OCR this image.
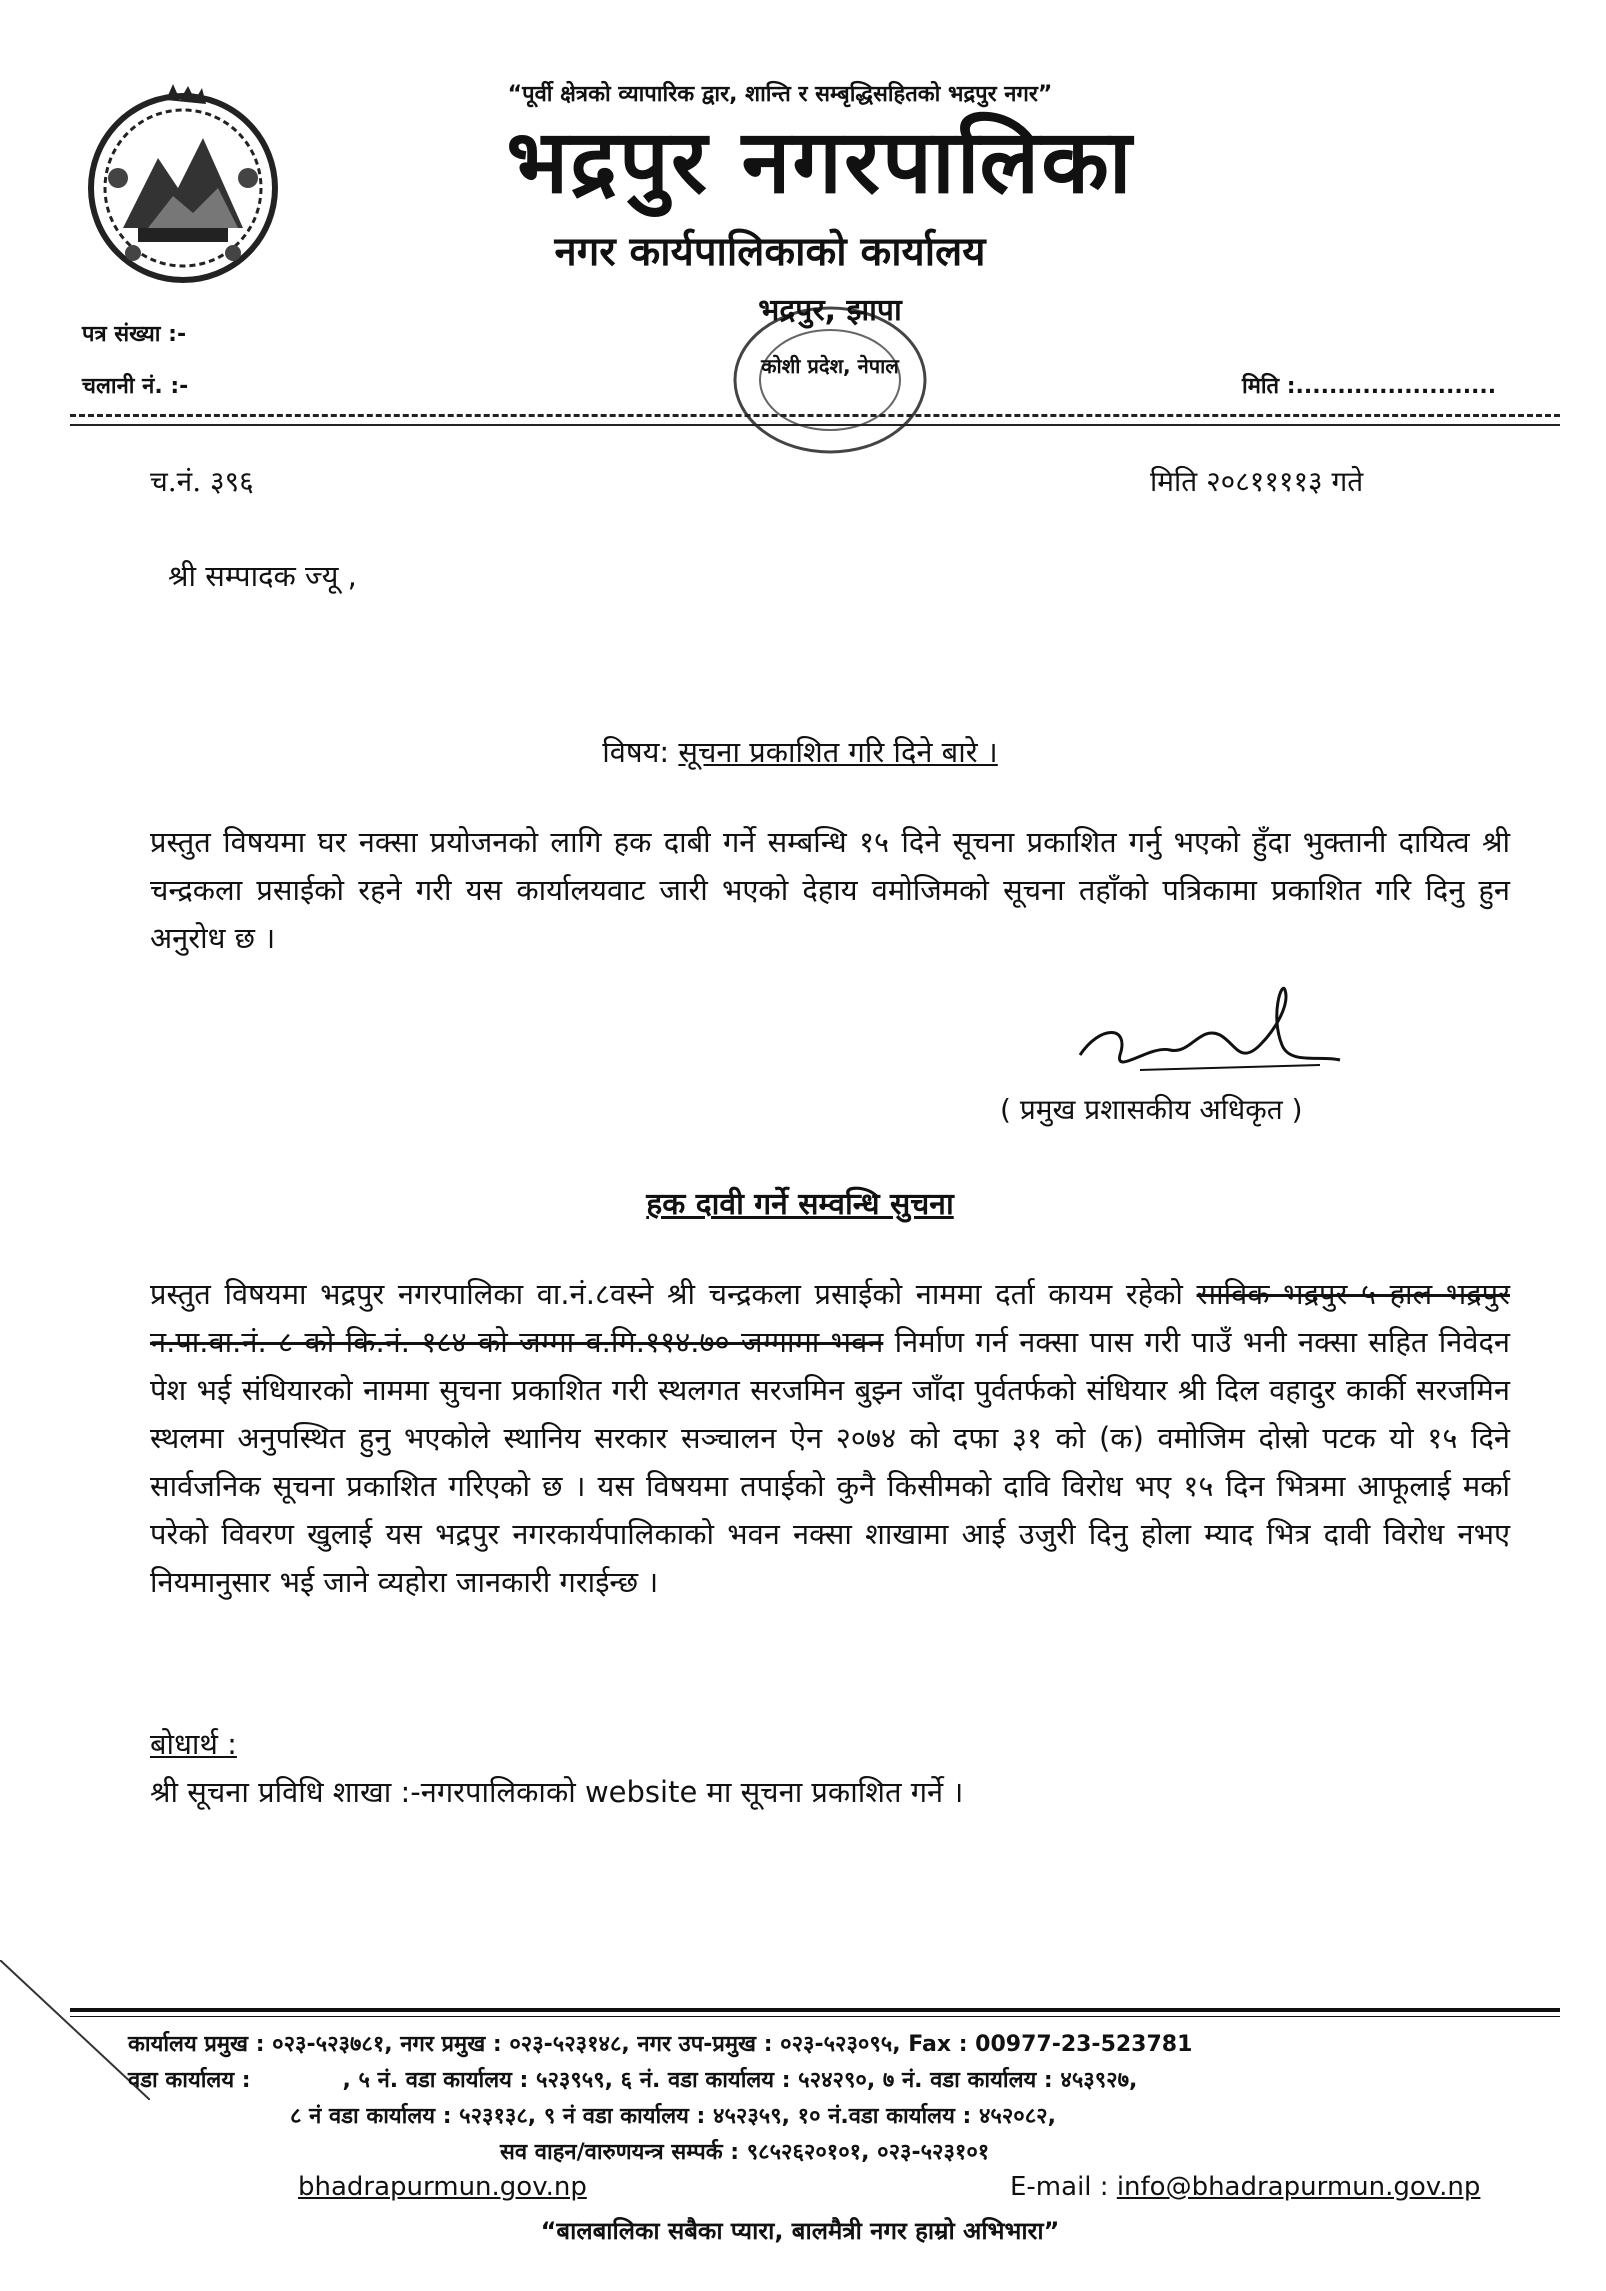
“पूर्वी क्षेत्रको व्यापारिक द्वार, शान्ति र सम्बृद्धिसहितको भद्रपुर नगर”
भद्रपुर नगरपालिका
नगर कार्यपालिकाको कार्यालय
भद्रपुर, झापा
कोशी प्रदेश, नेपाल
पत्र संख्या :-
चलानी नं. :-	मिति :........................
च.नं. ३९६	मिति २०८११११३ गते
श्री सम्पादक ज्यू ,
विषय: सूचना प्रकाशित गरि दिने बारे ।
प्रस्तुत विषयमा घर नक्सा प्रयोजनको लागि हक दाबी गर्ने सम्बन्धि १५ दिने सूचना प्रकाशित गर्नु भएको हुँदा भुक्तानी दायित्व श्री चन्द्रकला प्रसाईको रहने गरी यस कार्यालयवाट जारी भएको देहाय वमोजिमको सूचना तहाँको पत्रिकामा प्रकाशित गरि दिनु हुन अनुरोध छ ।
( प्रमुख प्रशासकीय अधिकृत )
हक दावी गर्ने सम्वन्धि सुचना
प्रस्तुत विषयमा भद्रपुर नगरपालिका वा.नं.८वस्ने श्री चन्द्रकला प्रसाईको नाममा दर्ता कायम रहेको साविक भद्रपुर ५ हाल भद्रपुर न.पा.वा.नं. ८ को कि.नं. १८४ को जम्मा व.मि.११४.७० जग्गामा भवन निर्माण गर्न नक्सा पास गरी पाउँ भनी नक्सा सहित निवेदन पेश भई संधियारको नाममा सुचना प्रकाशित गरी स्थलगत सरजमिन बुझ्न जाँदा पुर्वतर्फको संधियार श्री दिल वहादुर कार्की सरजमिन स्थलमा अनुपस्थित हुनु भएकोले स्थानिय सरकार सञ्चालन ऐन २०७४ को दफा ३१ को (क) वमोजिम दोस्रो पटक यो १५ दिने सार्वजनिक सूचना प्रकाशित गरिएको छ । यस विषयमा तपाईको कुनै किसीमको दावि विरोध भए १५ दिन भित्रमा आफूलाई मर्का परेको विवरण खुलाई यस भद्रपुर नगरकार्यपालिकाको भवन नक्सा शाखामा आई उजुरी दिनु होला म्याद भित्र दावी विरोध नभए नियमानुसार भई जाने व्यहोरा जानकारी गराईन्छ ।
बोधार्थ :
श्री सूचना प्रविधि शाखा :-नगरपालिकाको website मा सूचना प्रकाशित गर्ने ।
कार्यालय प्रमुख : ०२३-५२३७८१, नगर प्रमुख : ०२३-५२३१४८, नगर उप-प्रमुख : ०२३-५२३०९५, Fax : 00977-23-523781
वडा कार्यालय :            , ५ नं. वडा कार्यालय : ५२३९५९, ६ नं. वडा कार्यालय : ५२४२९०, ७ नं. वडा कार्यालय : ४५३९२७,
८ नं वडा कार्यालय : ५२३१३८, ९ नं वडा कार्यालय : ४५२३५९, १० नं.वडा कार्यालय : ४५२०८२,
सव वाहन/वारुणयन्त्र सम्पर्क : ९८५२६२०१०१, ०२३-५२३१०१
bhadrapurmun.gov.np	E-mail : info@bhadrapurmun.gov.np
“बालबालिका सबैका प्यारा, बालमैत्री नगर हाम्रो अभिभारा”
